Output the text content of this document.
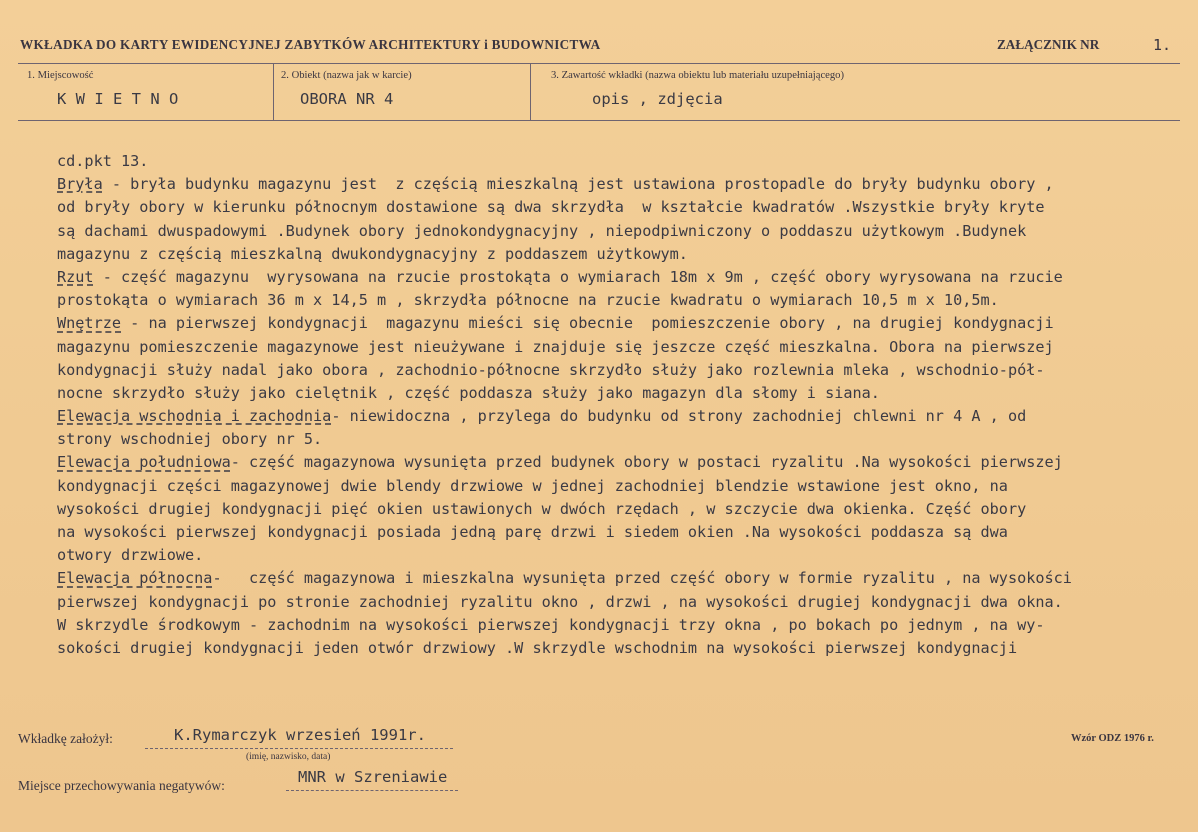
WKŁADKA DO KARTY EWIDENCYJNEJ ZABYTKÓW ARCHITEKTURY i BUDOWNICTWA	ZAŁĄCZNIK NR	1.
1. Miejscowość
K W I E T N O
2. Obiekt (nazwa jak w karcie)
OBORA NR 4
3. Zawartość wkładki (nazwa obiektu lub materiału uzupełniającego)
opis , zdjęcia
cd.pkt 13.
Bryła - bryła budynku magazynu jest  z częścią mieszkalną jest ustawiona prostopadle do bryły budynku obory ,
od bryły obory w kierunku północnym dostawione są dwa skrzydła  w kształcie kwadratów .Wszystkie bryły kryte
są dachami dwuspadowymi .Budynek obory jednokondygnacyjny , niepodpiwniczony o poddaszu użytkowym .Budynek
magazynu z częścią mieszkalną dwukondygnacyjny z poddaszem użytkowym.
Rzut - część magazynu  wyrysowana na rzucie prostokąta o wymiarach 18m x 9m , część obory wyrysowana na rzucie
prostokąta o wymiarach 36 m x 14,5 m , skrzydła północne na rzucie kwadratu o wymiarach 10,5 m x 10,5m.
Wnętrze - na pierwszej kondygnacji  magazynu mieści się obecnie  pomieszczenie obory , na drugiej kondygnacji
magazynu pomieszczenie magazynowe jest nieużywane i znajduje się jeszcze część mieszkalna. Obora na pierwszej
kondygnacji służy nadal jako obora , zachodnio-północne skrzydło służy jako rozlewnia mleka , wschodnio-pół-
nocne skrzydło służy jako cielętnik , część poddasza służy jako magazyn dla słomy i siana.
Elewacja wschodnia i zachodnia- niewidoczna , przylega do budynku od strony zachodniej chlewni nr 4 A , od
strony wschodniej obory nr 5.
Elewacja południowa- część magazynowa wysunięta przed budynek obory w postaci ryzalitu .Na wysokości pierwszej
kondygnacji części magazynowej dwie blendy drzwiowe w jednej zachodniej blendzie wstawione jest okno, na
wysokości drugiej kondygnacji pięć okien ustawionych w dwóch rzędach , w szczycie dwa okienka. Część obory
na wysokości pierwszej kondygnacji posiada jedną parę drzwi i siedem okien .Na wysokości poddasza są dwa
otwory drzwiowe.
Elewacja północna-   część magazynowa i mieszkalna wysunięta przed część obory w formie ryzalitu , na wysokości
pierwszej kondygnacji po stronie zachodniej ryzalitu okno , drzwi , na wysokości drugiej kondygnacji dwa okna.
W skrzydle środkowym - zachodnim na wysokości pierwszej kondygnacji trzy okna , po bokach po jednym , na wy-
sokości drugiej kondygnacji jeden otwór drzwiowy .W skrzydle wschodnim na wysokości pierwszej kondygnacji
Wkładkę założył:	K.Rymarczyk wrzesień 1991r.
(imię, nazwisko, data)
Wzór ODZ 1976 r.
Miejsce przechowywania negatywów:	MNR w Szreniawie
